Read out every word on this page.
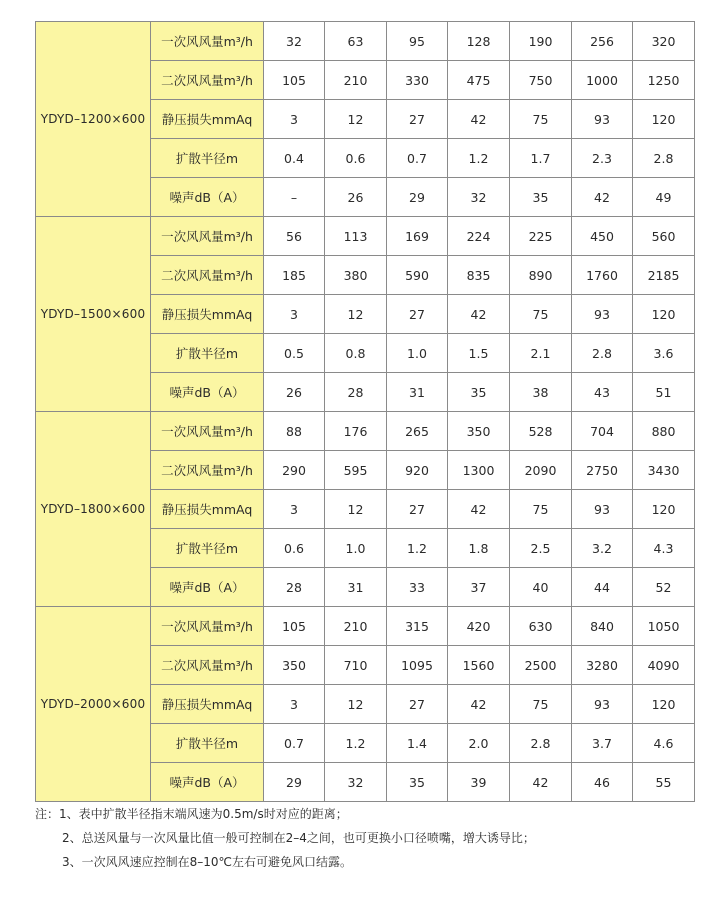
YDYD–1200×600	一次风风量m³/h	32	63	95	128	190	256	320
	二次风风量m³/h	105	210	330	475	750	1000	1250
	静压损失mmAq	3	12	27	42	75	93	120
	扩散半径m	0.4	0.6	0.7	1.2	1.7	2.3	2.8
	噪声dB（A）	–	26	29	32	35	42	49
YDYD–1500×600	一次风风量m³/h	56	113	169	224	225	450	560
	二次风风量m³/h	185	380	590	835	890	1760	2185
	静压损失mmAq	3	12	27	42	75	93	120
	扩散半径m	0.5	0.8	1.0	1.5	2.1	2.8	3.6
	噪声dB（A）	26	28	31	35	38	43	51
YDYD–1800×600	一次风风量m³/h	88	176	265	350	528	704	880
	二次风风量m³/h	290	595	920	1300	2090	2750	3430
	静压损失mmAq	3	12	27	42	75	93	120
	扩散半径m	0.6	1.0	1.2	1.8	2.5	3.2	4.3
	噪声dB（A）	28	31	33	37	40	44	52
YDYD–2000×600	一次风风量m³/h	105	210	315	420	630	840	1050
	二次风风量m³/h	350	710	1095	1560	2500	3280	4090
	静压损失mmAq	3	12	27	42	75	93	120
	扩散半径m	0.7	1.2	1.4	2.0	2.8	3.7	4.6
	噪声dB（A）	29	32	35	39	42	46	55
注：1、表中扩散半径指末端风速为0.5m/s时对应的距离；
2、总送风量与一次风量比值一般可控制在2–4之间，也可更换小口径喷嘴，增大诱导比；
3、一次风风速应控制在8–10℃左右可避免风口结露。
